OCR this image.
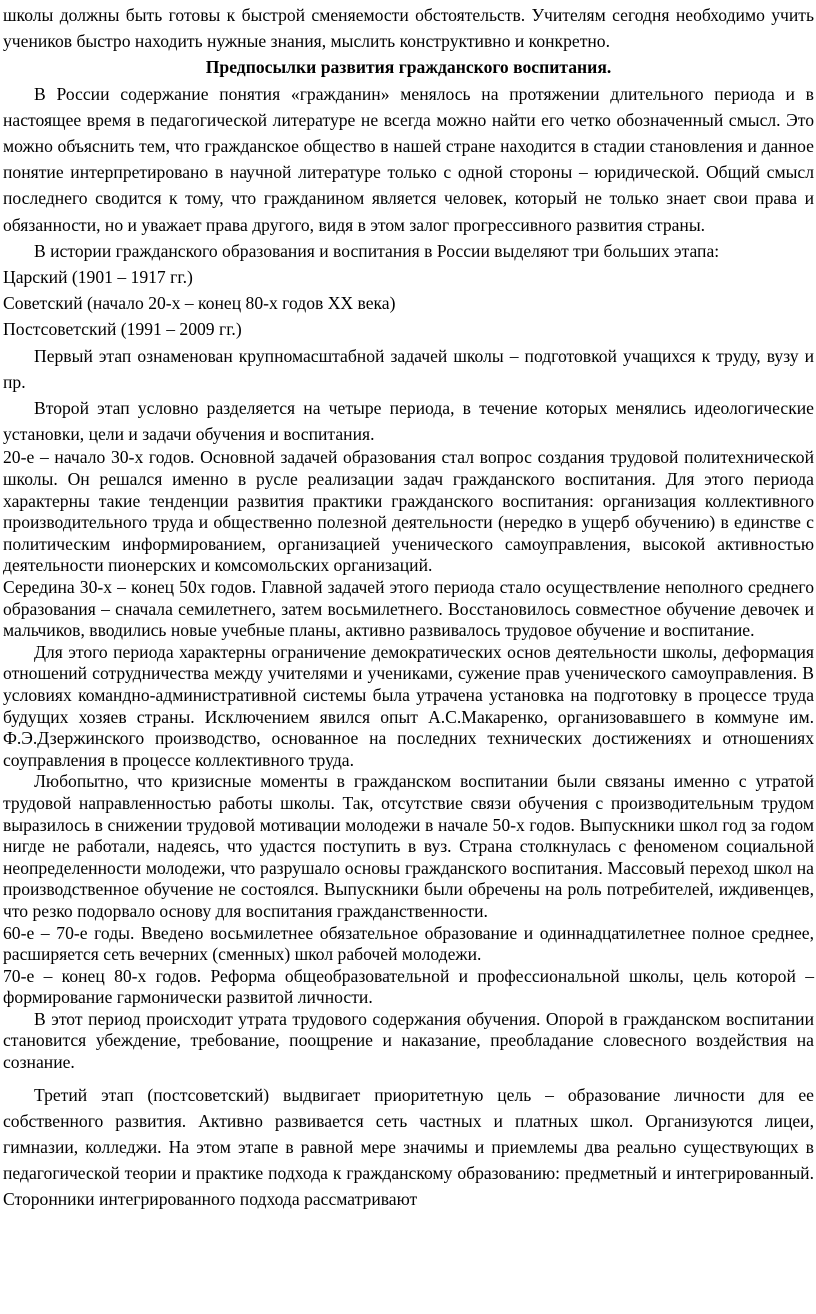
школы должны быть готовы к быстрой сменяемости обстоятельств. Учителям сегодня необходимо учить учеников быстро находить нужные знания, мыслить конструктивно и конкретно.

Предпосылки развития гражданского воспитания.

В России содержание понятия «гражданин» менялось на протяжении длительного периода и в настоящее время в педагогической литературе не всегда можно найти его четко обозначенный смысл. Это можно объяснить тем, что гражданское общество в нашей стране находится в стадии становления и данное понятие интерпретировано в научной литературе только с одной стороны – юридической. Общий смысл последнего сводится к тому, что гражданином является человек, который не только знает свои права и обязанности, но и уважает права другого, видя в этом залог прогрессивного развития страны.

В истории гражданского образования и воспитания в России выделяют три больших этапа:

Царский (1901 – 1917 гг.)

Советский (начало 20-х – конец 80-х годов XX века)

Постсоветский (1991 – 2009 гг.)

Первый этап ознаменован крупномасштабной задачей школы – подготовкой учащихся к труду, вузу и пр.

Второй этап условно разделяется на четыре периода, в течение которых менялись идеологические установки, цели и задачи обучения и воспитания.

20-е – начало 30-х годов. Основной задачей образования стал вопрос создания трудовой политехнической школы. Он решался именно в русле реализации задач гражданского воспитания. Для этого периода характерны такие тенденции развития практики гражданского воспитания: организация коллективного производительного труда и общественно полезной деятельности (нередко в ущерб обучению) в единстве с политическим информированием, организацией ученического самоуправления, высокой активностью деятельности пионерских и комсомольских организаций.

Середина 30-х – конец 50х годов. Главной задачей этого периода стало осуществление неполного среднего образования – сначала семилетнего, затем восьмилетнего. Восстановилось совместное обучение девочек и мальчиков, вводились новые учебные планы, активно развивалось трудовое обучение и воспитание.

Для этого периода характерны ограничение демократических основ деятельности школы, деформация отношений сотрудничества между учителями и учениками, сужение прав ученического самоуправления. В условиях командно-административной системы была утрачена установка на подготовку в процессе труда будущих хозяев страны. Исключением явился опыт А.С.Макаренко, организовавшего в коммуне им. Ф.Э.Дзержинского производство, основанное на последних технических достижениях и отношениях соуправления в процессе коллективного труда.

Любопытно, что кризисные моменты в гражданском воспитании были связаны именно с утратой трудовой направленностью работы школы. Так, отсутствие связи обучения с производительным трудом выразилось в снижении трудовой мотивации молодежи в начале 50-х годов. Выпускники школ год за годом нигде не работали, надеясь, что удастся поступить в вуз. Страна столкнулась с феноменом социальной неопределенности молодежи, что разрушало основы гражданского воспитания. Массовый переход школ на производственное обучение не состоялся. Выпускники были обречены на роль потребителей, иждивенцев, что резко подорвало основу для воспитания гражданственности.

60-е – 70-е годы. Введено восьмилетнее обязательное образование и одиннадцатилетнее полное среднее, расширяется сеть вечерних (сменных) школ рабочей молодежи.

70-е – конец 80-х годов. Реформа общеобразовательной и профессиональной школы, цель которой – формирование гармонически развитой личности.

В этот период происходит утрата трудового содержания обучения. Опорой в гражданском воспитании становится убеждение, требование, поощрение и наказание, преобладание словесного воздействия на сознание.

Третий этап (постсоветский) выдвигает приоритетную цель – образование личности для ее собственного развития. Активно развивается сеть частных и платных школ. Организуются лицеи, гимназии, колледжи. На этом этапе в равной мере значимы и приемлемы два реально существующих в педагогической теории и практике подхода к гражданскому образованию: предметный и интегрированный. Сторонники интегрированного подхода рассматривают
